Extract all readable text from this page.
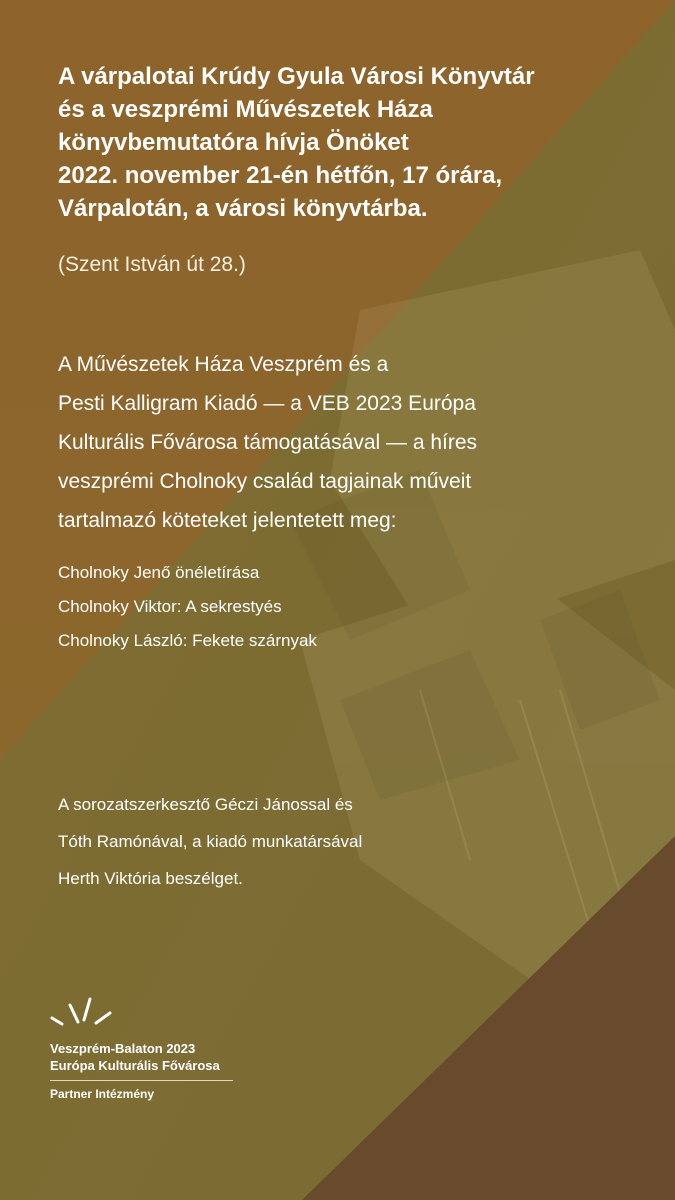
A várpalotai Krúdy Gyula Városi Könyvtár
és a veszprémi Művészetek Háza
könyvbemutatóra hívja Önöket
2022. november 21-én hétfőn, 17 órára,
Várpalotán, a városi könyvtárba.
(Szent István út 28.)
A Művészetek Háza Veszprém és a
Pesti Kalligram Kiadó — a VEB 2023 Európa
Kulturális Fővárosa támogatásával — a híres
veszprémi Cholnoky család tagjainak műveit
tartalmazó köteteket jelentetett meg:
Cholnoky Jenő önéletírása
Cholnoky Viktor: A sekrestyés
Cholnoky László: Fekete szárnyak
A sorozatszerkesztő Géczi Jánossal és
Tóth Ramónával, a kiadó munkatársával
Herth Viktória beszélget.
Veszprém-Balaton 2023
Európa Kulturális Fővárosa
Partner Intézmény
